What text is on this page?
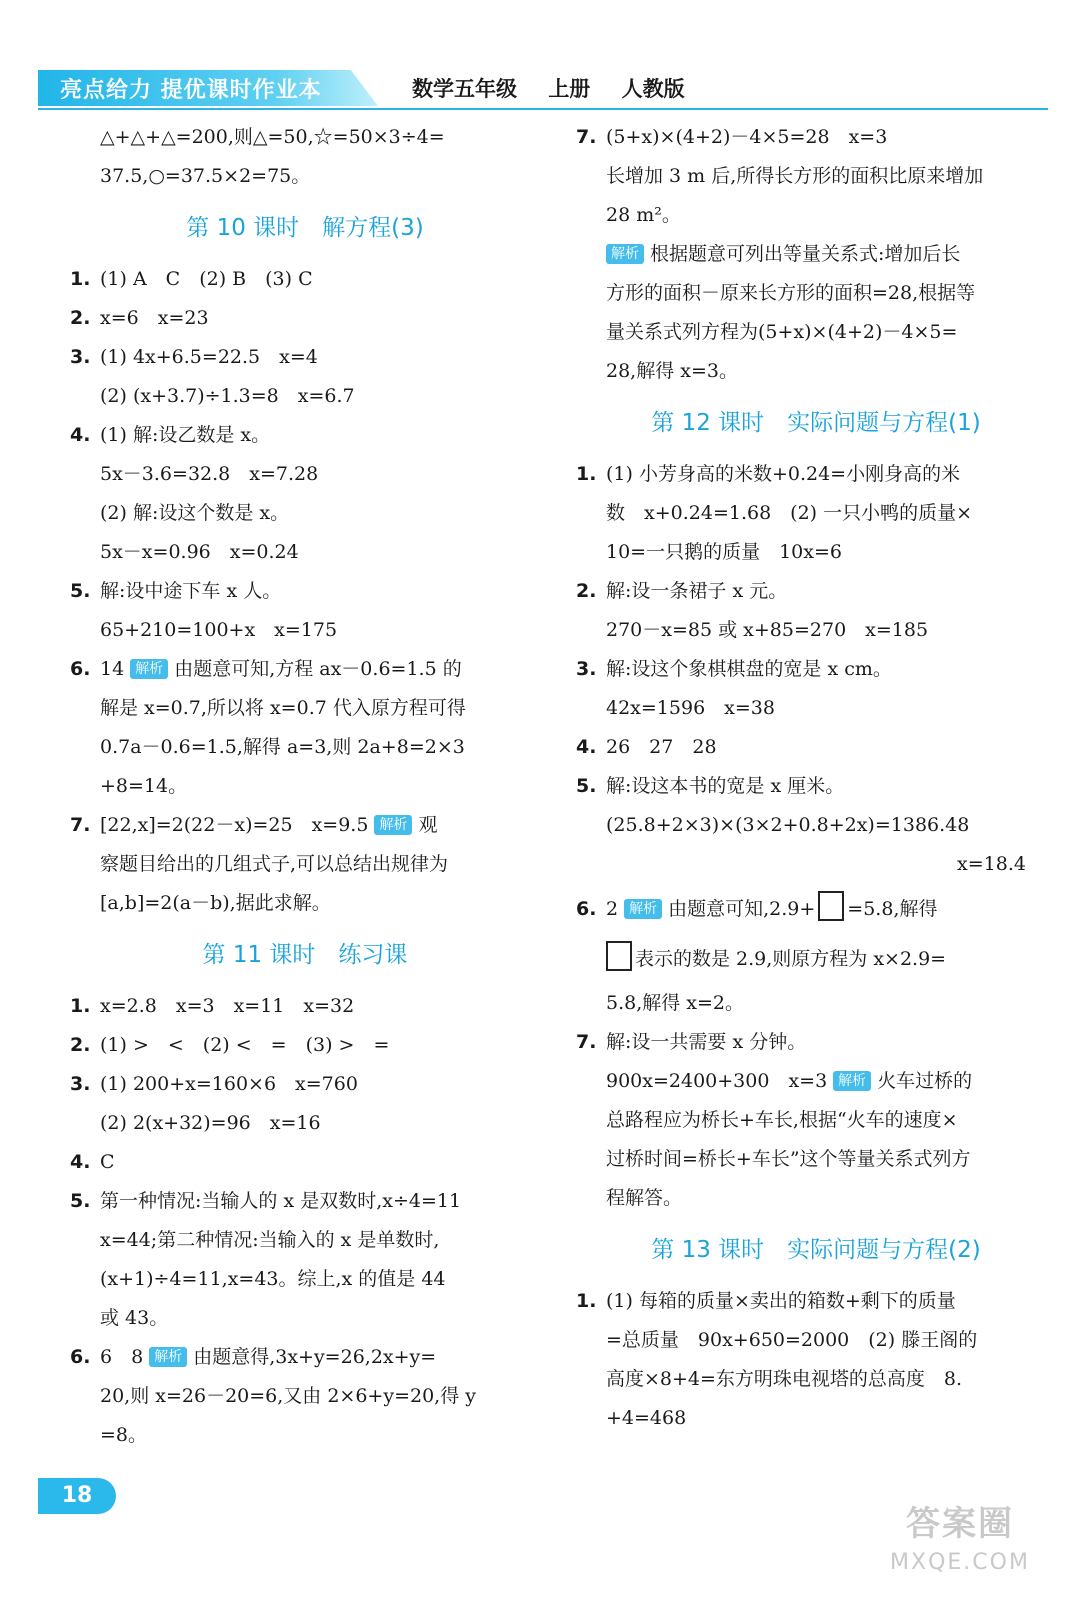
亮点给力 提优课时作业本	数学五年级 上册 人教版
△+△+△=200,则△=50,☆=50×3÷4=
37.5,○=37.5×2=75。
第 10 课时　解方程(3)
1. (1) A　C　(2) B　(3) C
2. x=6　x=23
3. (1) 4x+6.5=22.5　x=4
(2) (x+3.7)÷1.3=8　x=6.7
4. (1) 解:设乙数是 x。
5x－3.6=32.8　x=7.28
(2) 解:设这个数是 x。
5x－x=0.96　x=0.24
5. 解:设中途下车 x 人。
65+210=100+x　x=175
6. 14 解析 由题意可知,方程 ax－0.6=1.5 的
解是 x=0.7,所以将 x=0.7 代入原方程可得
0.7a－0.6=1.5,解得 a=3,则 2a+8=2×3
+8=14。
7. [22,x]=2(22－x)=25　x=9.5 解析 观
察题目给出的几组式子,可以总结出规律为
[a,b]=2(a－b),据此求解。
第 11 课时　练习课
1. x=2.8　x=3　x=11　x=32
2. (1) >　<　(2) <　=　(3) >　=
3. (1) 200+x=160×6　x=760
(2) 2(x+32)=96　x=16
4. C
5. 第一种情况:当输人的 x 是双数时,x÷4=11
x=44;第二种情况:当输入的 x 是单数时,
(x+1)÷4=11,x=43。综上,x 的值是 44
或 43。
6. 6　8 解析 由题意得,3x+y=26,2x+y=
20,则 x=26－20=6,又由 2×6+y=20,得 y
=8。
7. (5+x)×(4+2)－4×5=28　x=3
长增加 3 m 后,所得长方形的面积比原来增加
28 m²。
解析 根据题意可列出等量关系式:增加后长
方形的面积－原来长方形的面积=28,根据等
量关系式列方程为(5+x)×(4+2)－4×5=
28,解得 x=3。
第 12 课时　实际问题与方程(1)
1. (1) 小芳身高的米数+0.24=小刚身高的米
数　x+0.24=1.68　(2) 一只小鸭的质量×
10=一只鹅的质量　10x=6
2. 解:设一条裙子 x 元。
270－x=85 或 x+85=270　x=185
3. 解:设这个象棋棋盘的宽是 x cm。
42x=1596　x=38
4. 26　27　28
5. 解:设这本书的宽是 x 厘米。
(25.8+2×3)×(3×2+0.8+2x)=1386.48
x=18.4
6. 2 解析 由题意可知,2.9+ =5.8,解得
表示的数是 2.9,则原方程为 x×2.9=
5.8,解得 x=2。
7. 解:设一共需要 x 分钟。
900x=2400+300　x=3 解析 火车过桥的
总路程应为桥长+车长,根据“火车的速度×
过桥时间=桥长+车长”这个等量关系式列方
程解答。
第 13 课时　实际问题与方程(2)
1. (1) 每箱的质量×卖出的箱数+剩下的质量
=总质量　90x+650=2000　(2) 滕王阁的
高度×8+4=东方明珠电视塔的总高度　8.
+4=468
18
答案圈
MXQE.COM
